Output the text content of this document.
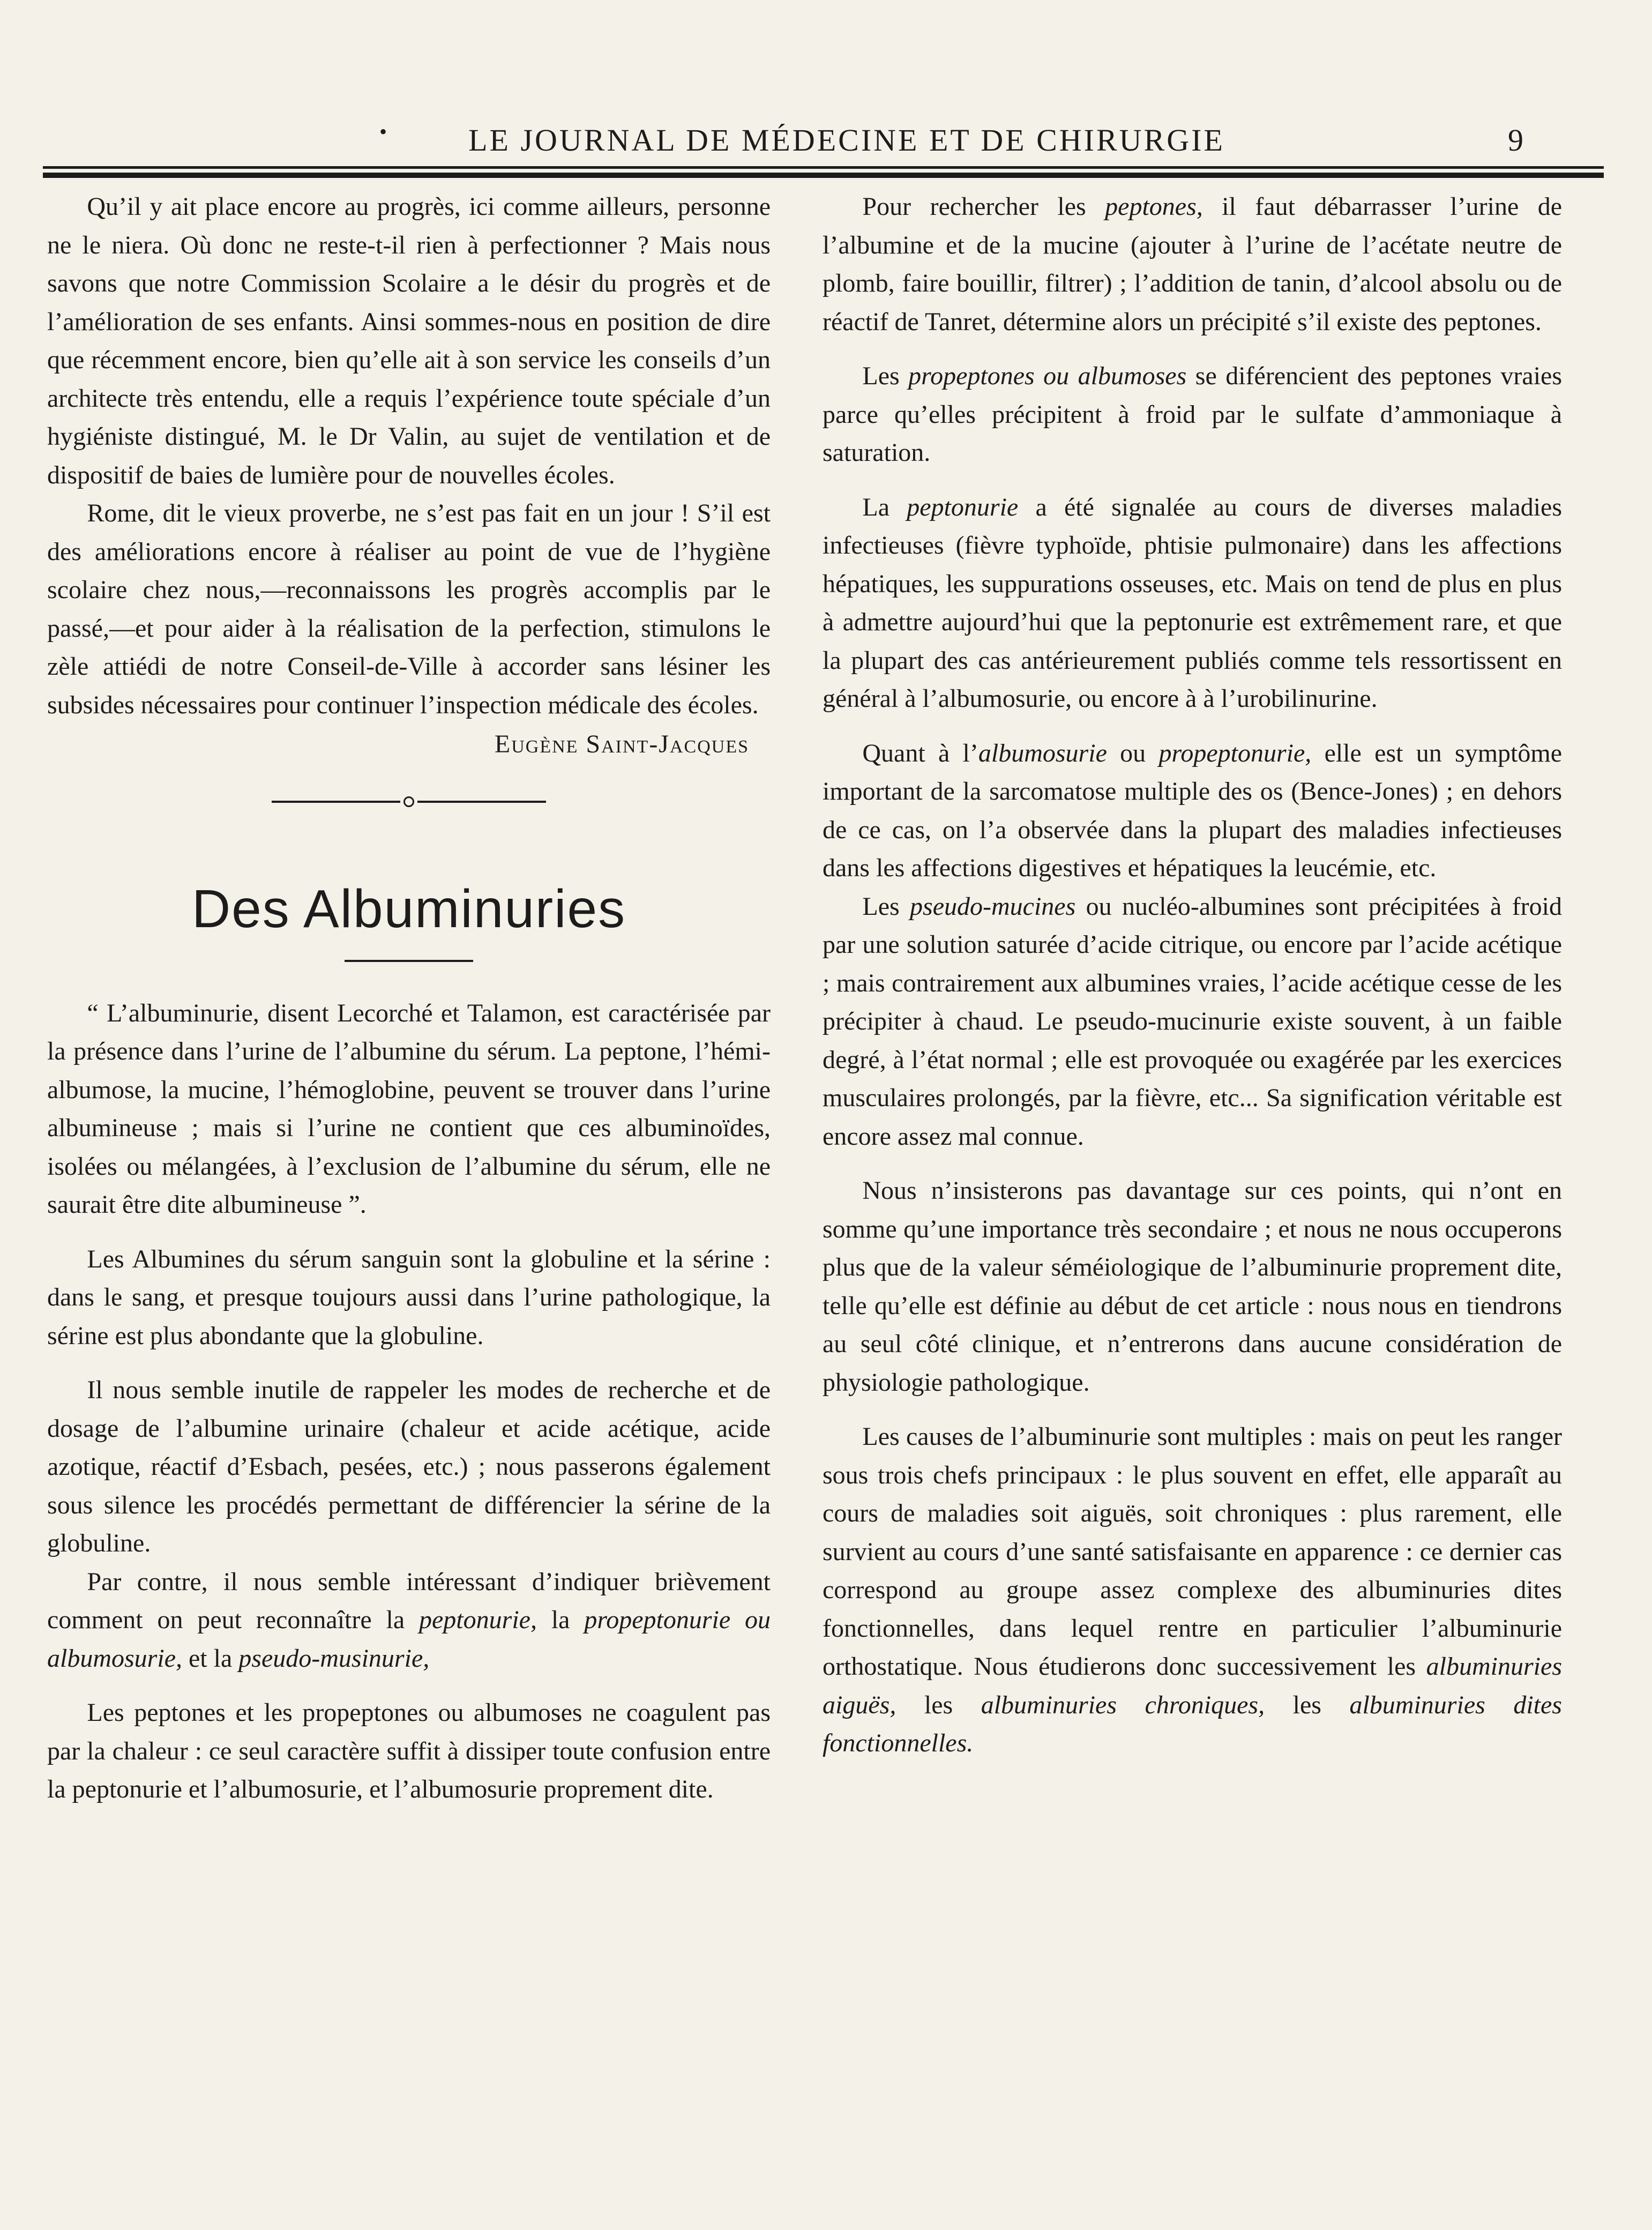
•	LE JOURNAL DE MÉDECINE ET DE CHIRURGIE	9

Qu’il y ait place encore au progrès, ici comme ailleurs, personne ne le niera. Où donc ne reste-t-il rien à perfectionner ? Mais nous savons que notre Commission Scolaire a le désir du progrès et de l’amélioration de ses enfants. Ainsi sommes-nous en position de dire que récemment encore, bien qu’elle ait à son service les conseils d’un architecte très entendu, elle a requis l’expérience toute spéciale d’un hygiéniste distingué, M. le Dr Valin, au sujet de ventilation et de dispositif de baies de lumière pour de nouvelles écoles.

Rome, dit le vieux proverbe, ne s’est pas fait en un jour ! S’il est des améliorations encore à réaliser au point de vue de l’hygiène scolaire chez nous,—reconnaissons les progrès accomplis par le passé,—et pour aider à la réalisation de la perfection, stimulons le zèle attiédi de notre Conseil-de-Ville à accorder sans lésiner les subsides nécessaires pour continuer l’inspection médicale des écoles.

Eugène Saint-Jacques
Des Albuminuries

“ L’albuminurie, disent Lecorché et Talamon, est caractérisée par la présence dans l’urine de l’albumine du sérum. La peptone, l’hémi-albumose, la mucine, l’hémoglobine, peuvent se trouver dans l’urine albumineuse ; mais si l’urine ne contient que ces albuminoïdes, isolées ou mélangées, à l’exclusion de l’albumine du sérum, elle ne saurait être dite albumineuse ”.

Les Albumines du sérum sanguin sont la globuline et la sérine : dans le sang, et presque toujours aussi dans l’urine pathologique, la sérine est plus abondante que la globuline.

Il nous semble inutile de rappeler les modes de recherche et de dosage de l’albumine urinaire (chaleur et acide acétique, acide azotique, réactif d’Esbach, pesées, etc.) ; nous passerons également sous silence les procédés permettant de différencier la sérine de la globuline.

Par contre, il nous semble intéressant d’indiquer brièvement comment on peut reconnaître la peptonurie, la propeptonurie ou albumosurie, et la pseudo-musinurie,

Les peptones et les propeptones ou albumoses ne coagulent pas par la chaleur : ce seul caractère suffit à dissiper toute confusion entre la peptonurie et l’albumosurie, et l’albumosurie proprement dite.

Pour rechercher les peptones, il faut débarrasser l’urine de l’albumine et de la mucine (ajouter à l’urine de l’acétate neutre de plomb, faire bouillir, filtrer) ; l’addition de tanin, d’alcool absolu ou de réactif de Tanret, détermine alors un précipité s’il existe des peptones.

Les propeptones ou albumoses se diférencient des peptones vraies parce qu’elles précipitent à froid par le sulfate d’ammoniaque à saturation.

La peptonurie a été signalée au cours de diverses maladies infectieuses (fièvre typhoïde, phtisie pulmonaire) dans les affections hépatiques, les suppurations osseuses, etc. Mais on tend de plus en plus à admettre aujourd’hui que la peptonurie est extrêmement rare, et que la plupart des cas antérieurement publiés comme tels ressortissent en général à l’albumosurie, ou encore à à l’urobilinurine.

Quant à l’albumosurie ou propeptonurie, elle est un symptôme important de la sarcomatose multiple des os (Bence-Jones) ; en dehors de ce cas, on l’a observée dans la plupart des maladies infectieuses dans les affections digestives et hépatiques la leucémie, etc.

Les pseudo-mucines ou nucléo-albumines sont précipitées à froid par une solution saturée d’acide citrique, ou encore par l’acide acétique ; mais contrairement aux albumines vraies, l’acide acétique cesse de les précipiter à chaud. Le pseudo-mucinurie existe souvent, à un faible degré, à l’état normal ; elle est provoquée ou exagérée par les exercices musculaires prolongés, par la fièvre, etc... Sa signification véritable est encore assez mal connue.

Nous n’insisterons pas davantage sur ces points, qui n’ont en somme qu’une importance très secondaire ; et nous ne nous occuperons plus que de la valeur séméiologique de l’albuminurie proprement dite, telle qu’elle est définie au début de cet article : nous nous en tiendrons au seul côté clinique, et n’entrerons dans aucune considération de physiologie pathologique.

Les causes de l’albuminurie sont multiples : mais on peut les ranger sous trois chefs principaux : le plus souvent en effet, elle apparaît au cours de maladies soit aiguës, soit chroniques : plus rarement, elle survient au cours d’une santé satisfaisante en apparence : ce dernier cas correspond au groupe assez complexe des albuminuries dites fonctionnelles, dans lequel rentre en particulier l’albuminurie orthostatique. Nous étudierons donc successivement les albuminuries aiguës, les albuminuries chroniques, les albuminuries dites fonctionnelles.
